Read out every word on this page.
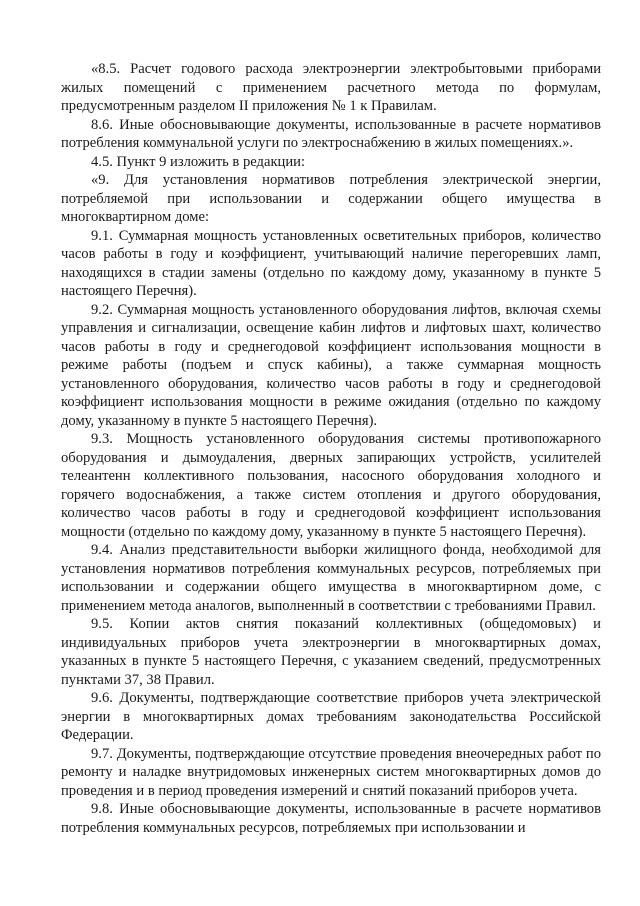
«8.5. Расчет годового расхода электроэнергии электробытовыми приборами жилых помещений с применением расчетного метода по формулам, предусмотренным разделом II приложения № 1 к Правилам.

8.6. Иные обосновывающие документы, использованные в расчете нормативов потребления коммунальной услуги по электроснабжению в жилых помещениях.».

4.5. Пункт 9 изложить в редакции:

«9. Для установления нормативов потребления электрической энергии, потребляемой при использовании и содержании общего имущества в многоквартирном доме:

9.1. Суммарная мощность установленных осветительных приборов, количество часов работы в году и коэффициент, учитывающий наличие перегоревших ламп, находящихся в стадии замены (отдельно по каждому дому, указанному в пункте 5 настоящего Перечня).

9.2. Суммарная мощность установленного оборудования лифтов, включая схемы управления и сигнализации, освещение кабин лифтов и лифтовых шахт, количество часов работы в году и среднегодовой коэффициент использования мощности в режиме работы (подъем и спуск кабины), а также суммарная мощность установленного оборудования, количество часов работы в году и среднегодовой коэффициент использования мощности в режиме ожидания (отдельно по каждому дому, указанному в пункте 5 настоящего Перечня).

9.3. Мощность установленного оборудования системы противопожарного оборудования и дымоудаления, дверных запирающих устройств, усилителей телеантенн коллективного пользования, насосного оборудования холодного и горячего водоснабжения, а также систем отопления и другого оборудования, количество часов работы в году и среднегодовой коэффициент использования мощности (отдельно по каждому дому, указанному в пункте 5 настоящего Перечня).

9.4. Анализ представительности выборки жилищного фонда, необходимой для установления нормативов потребления коммунальных ресурсов, потребляемых при использовании и содержании общего имущества в многоквартирном доме, с применением метода аналогов, выполненный в соответствии с требованиями Правил.

9.5. Копии актов снятия показаний коллективных (общедомовых) и индивидуальных приборов учета электроэнергии в многоквартирных домах, указанных в пункте 5 настоящего Перечня, с указанием сведений, предусмотренных пунктами 37, 38 Правил.

9.6. Документы, подтверждающие соответствие приборов учета электрической энергии в многоквартирных домах требованиям законодательства Российской Федерации.

9.7. Документы, подтверждающие отсутствие проведения внеочередных работ по ремонту и наладке внутридомовых инженерных систем многоквартирных домов до проведения и в период проведения измерений и снятий показаний приборов учета.

9.8. Иные обосновывающие документы, использованные в расчете нормативов потребления коммунальных ресурсов, потребляемых при использовании и
